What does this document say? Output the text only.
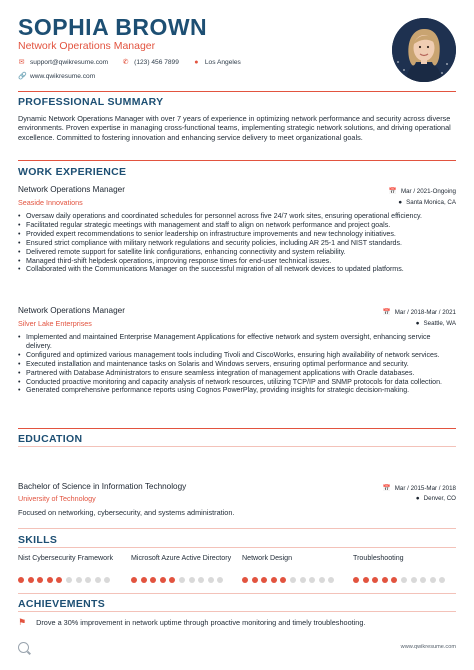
SOPHIA BROWN
Network Operations Manager
✉ support@qwikresume.com ✆ (123) 456 7899 ● Los Angeles
🔗 www.qwikresume.com
PROFESSIONAL SUMMARY
Dynamic Network Operations Manager with over 7 years of experience in optimizing network performance and security across diverse environments. Proven expertise in managing cross-functional teams, implementing strategic network solutions, and driving operational excellence. Committed to fostering innovation and enhancing service delivery to meet organizational goals.
WORK EXPERIENCE
Network Operations Manager	📅 Mar / 2021-Ongoing
Seaside Innovations	● Santa Monica, CA
• Oversaw daily operations and coordinated schedules for personnel across five 24/7 work sites, ensuring operational efficiency.
• Facilitated regular strategic meetings with management and staff to align on network performance and project goals.
• Provided expert recommendations to senior leadership on infrastructure improvements and new technology initiatives.
• Ensured strict compliance with military network regulations and security policies, including AR 25-1 and NIST standards.
• Delivered remote support for satellite link configurations, enhancing connectivity and system reliability.
• Managed third-shift helpdesk operations, improving response times for end-user technical issues.
• Collaborated with the Communications Manager on the successful migration of all network devices to updated platforms.
Network Operations Manager	📅 Mar / 2018-Mar / 2021
Silver Lake Enterprises	● Seattle, WA
• Implemented and maintained Enterprise Management Applications for effective network and system oversight, enhancing service delivery.
• Configured and optimized various management tools including Tivoli and CiscoWorks, ensuring high availability of network services.
• Executed installation and maintenance tasks on Solaris and Windows servers, ensuring optimal performance and security.
• Partnered with Database Administrators to ensure seamless integration of management applications with Oracle databases.
• Conducted proactive monitoring and capacity analysis of network resources, utilizing TCP/IP and SNMP protocols for data collection.
• Generated comprehensive performance reports using Cognos PowerPlay, providing insights for strategic decision-making.
EDUCATION
Bachelor of Science in Information Technology	📅 Mar / 2015-Mar / 2018
University of Technology	● Denver, CO
Focused on networking, cybersecurity, and systems administration.
SKILLS
Nist Cybersecurity Framework	Microsoft Azure Active Directory	Network Design	Troubleshooting
ACHIEVEMENTS
⚑ Drove a 30% improvement in network uptime through proactive monitoring and timely troubleshooting.
www.qwikresume.com
